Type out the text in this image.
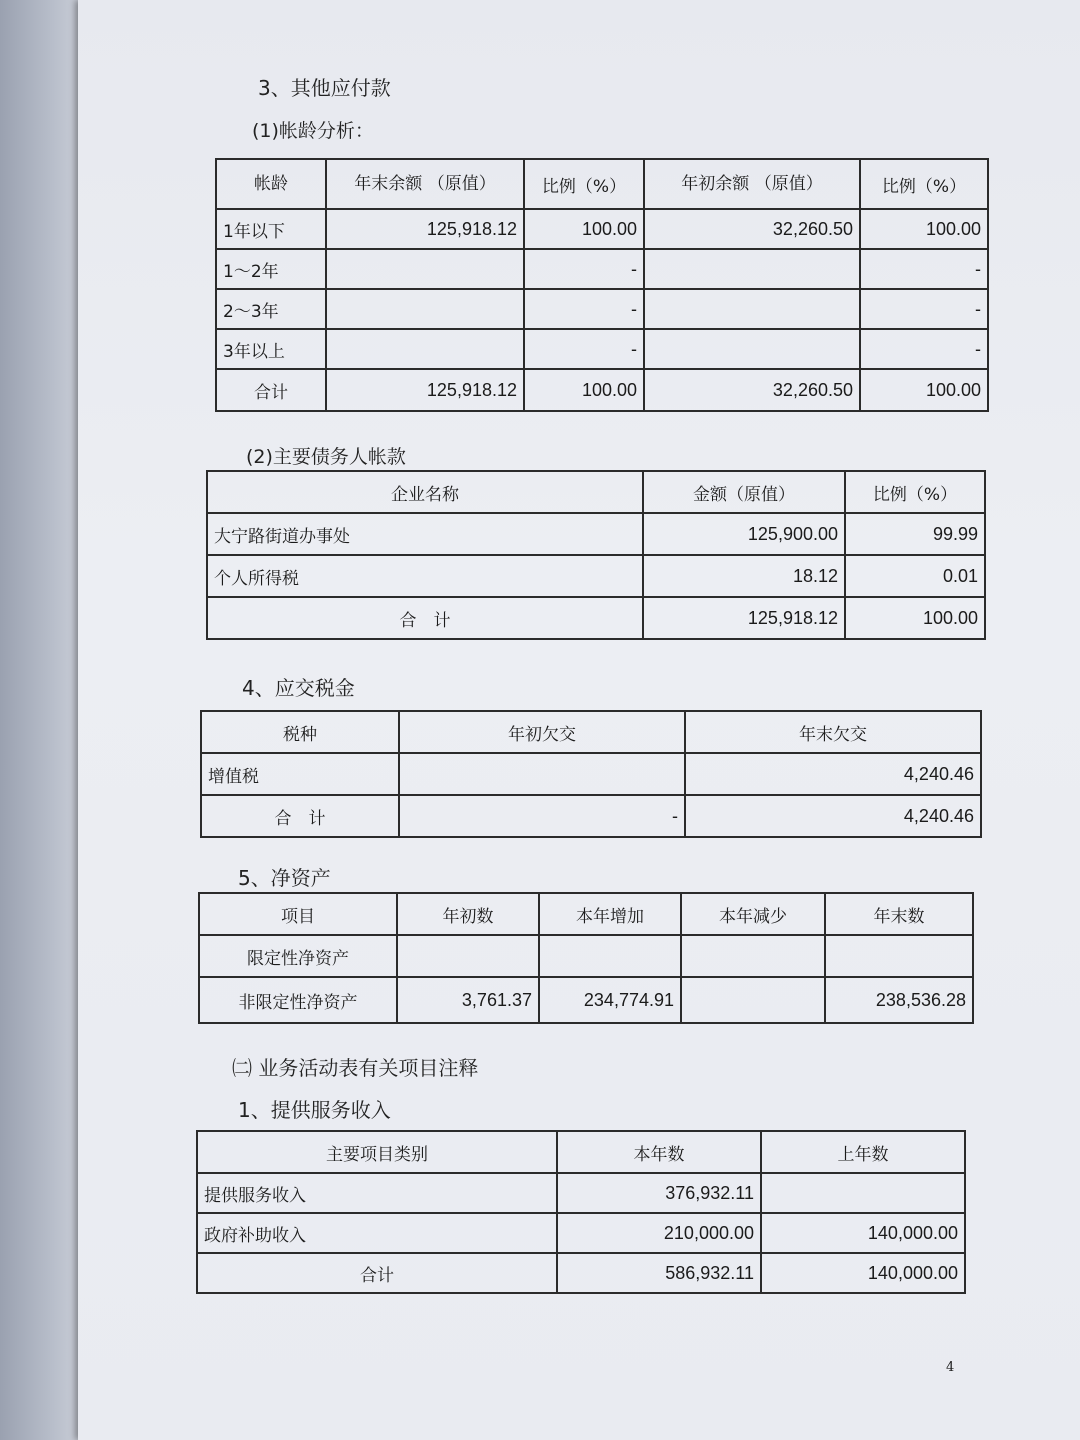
3、其他应付款
(1)帐龄分析：
帐龄	年末余额 （原值）	比例（%）	年初余额 （原值）	比例（%）
1年以下	125,918.12	100.00	32,260.50	100.00
1～2年		-		-
2～3年		-		-
3年以上		-		-
合计	125,918.12	100.00	32,260.50	100.00
(2)主要债务人帐款
企业名称	金额（原值）	比例（%）
大宁路街道办事处	125,900.00	99.99
个人所得税	18.12	0.01
合　计	125,918.12	100.00
4、应交税金
税种	年初欠交	年末欠交
增值税		4,240.46
合　计	-	4,240.46
5、净资产
项目	年初数	本年增加	本年减少	年末数
限定性净资产				
非限定性净资产	3,761.37	234,774.91		238,536.28
㈡ 业务活动表有关项目注释
1、提供服务收入
主要项目类别	本年数	上年数
提供服务收入	376,932.11	
政府补助收入	210,000.00	140,000.00
合计	586,932.11	140,000.00
4
